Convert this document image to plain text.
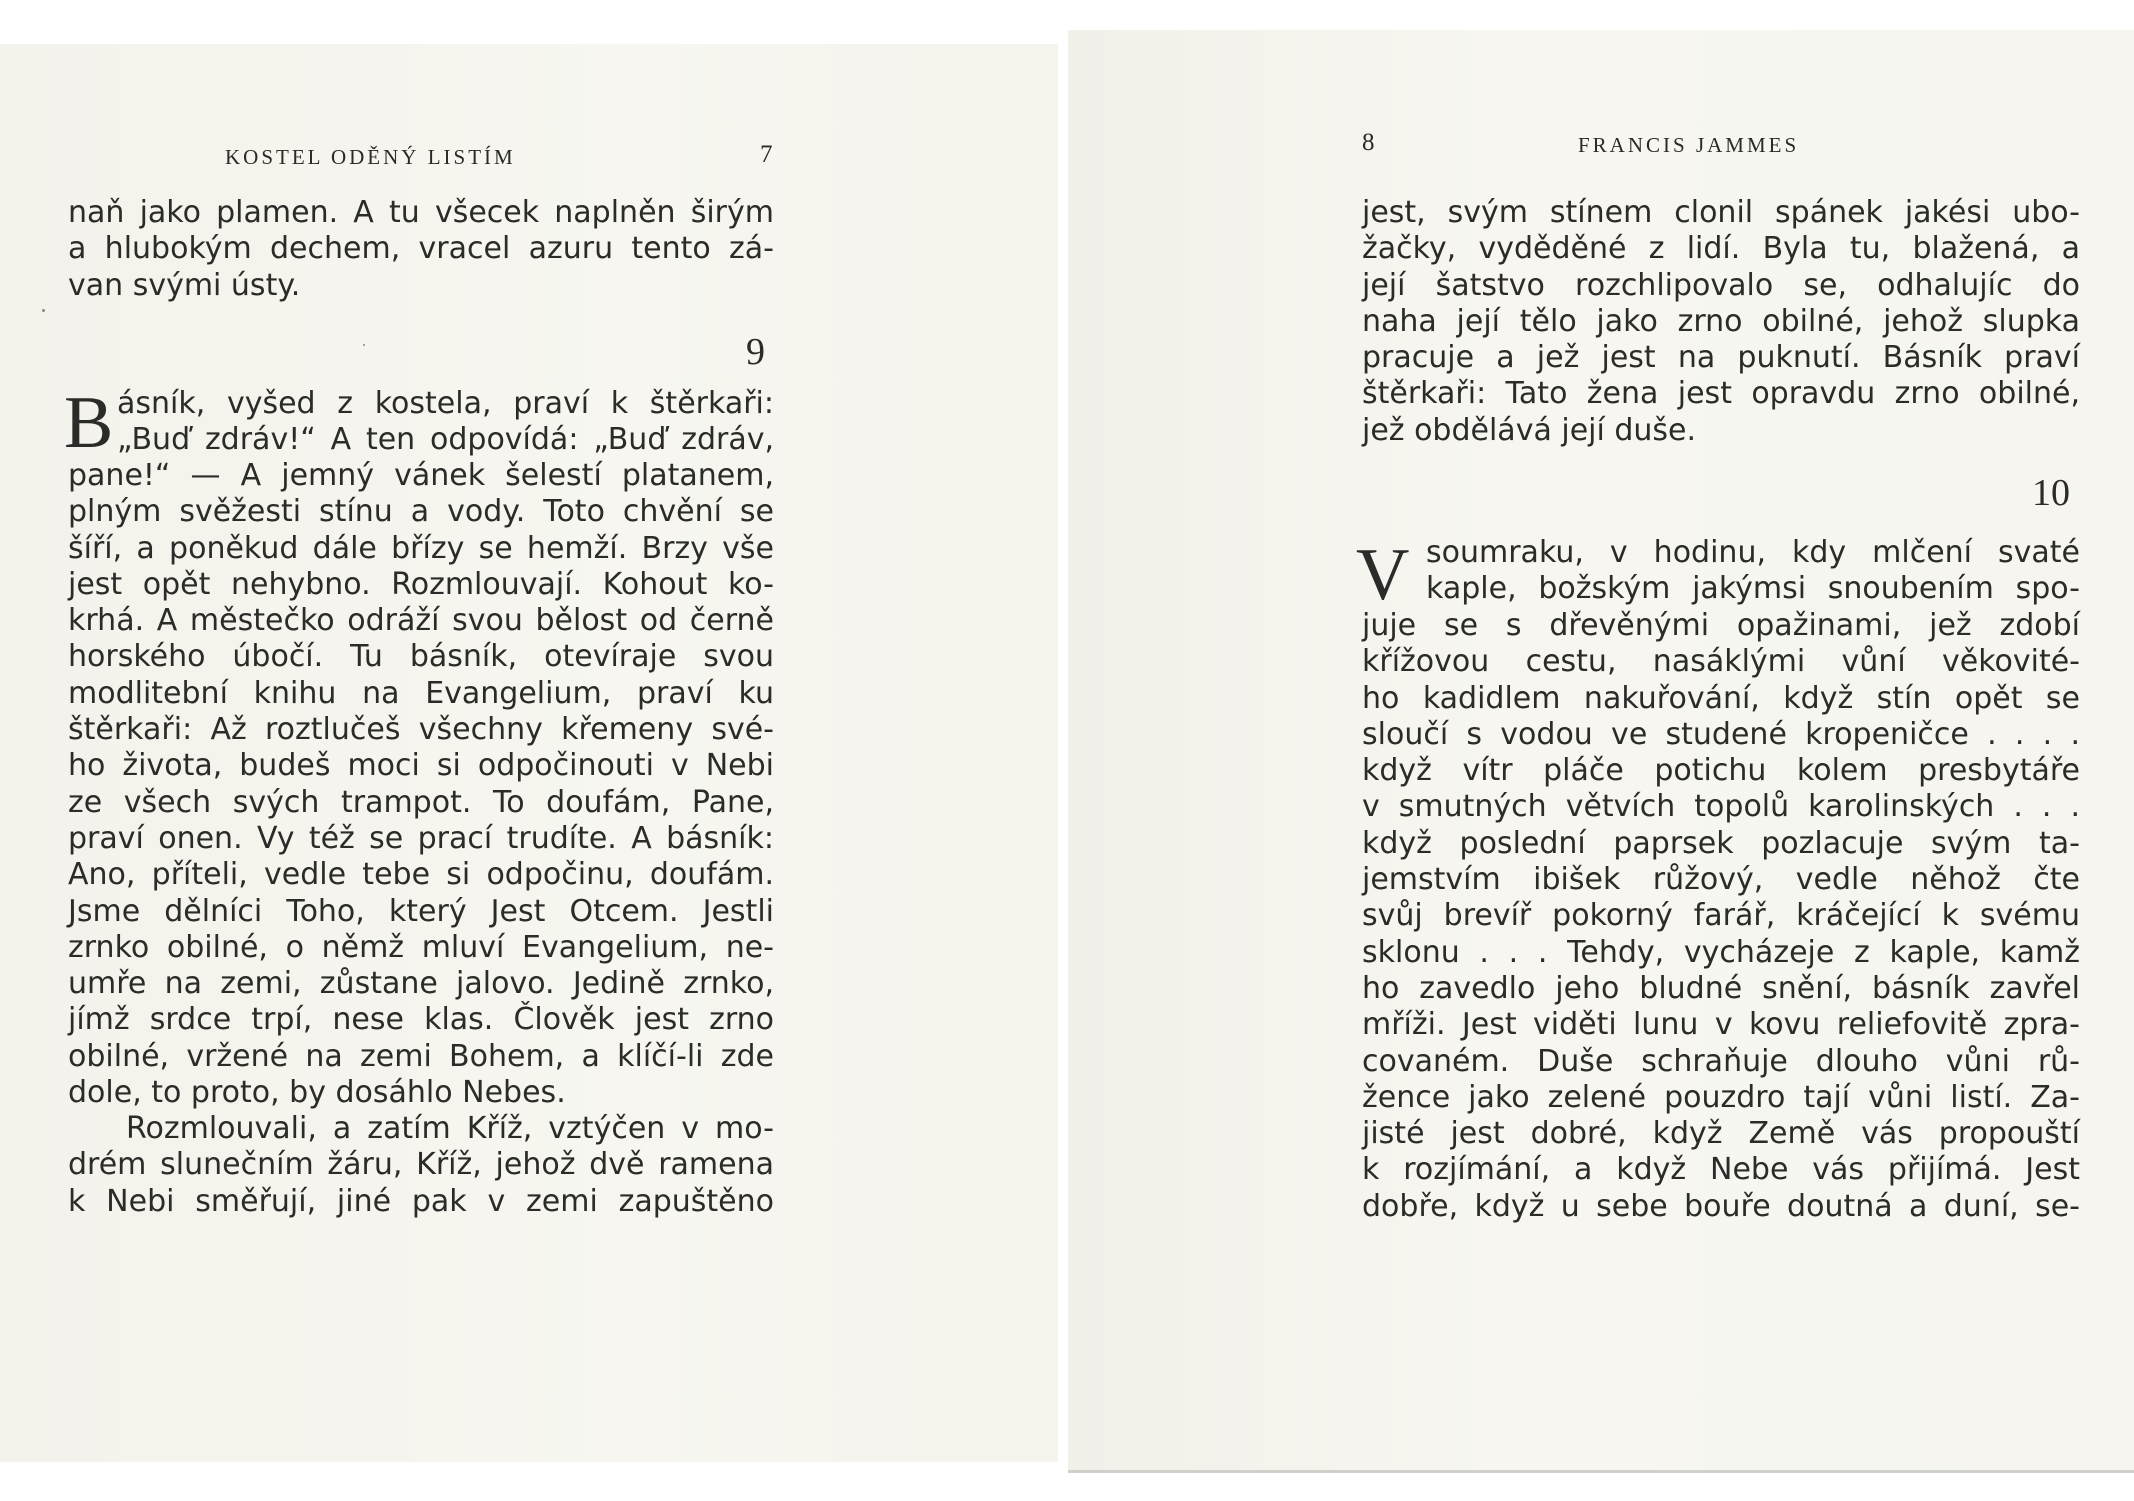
KOSTEL ODĚNÝ LISTÍM	7
naň jako plamen. A tu všecek naplněn širým
a hlubokým dechem, vracel azuru tento zá-
van svými ústy.
9
B ásník, vyšed z kostela, praví k štěrkaři:
„Buď zdráv!“ A ten odpovídá: „Buď zdráv,
pane!“ — A jemný vánek šelestí platanem,
plným svěžesti stínu a vody. Toto chvění se
šíří, a poněkud dále břízy se hemží. Brzy vše
jest opět nehybno. Rozmlouvají. Kohout ko-
krhá. A městečko odráží svou bělost od černě
horského úbočí. Tu básník, otevíraje svou
modlitební knihu na Evangelium, praví ku
štěrkaři: Až roztlučeš všechny křemeny své-
ho života, budeš moci si odpočinouti v Nebi
ze všech svých trampot. To doufám, Pane,
praví onen. Vy též se prací trudíte. A básník:
Ano, příteli, vedle tebe si odpočinu, doufám.
Jsme dělníci Toho, který Jest Otcem. Jestli
zrnko obilné, o němž mluví Evangelium, ne-
umře na zemi, zůstane jalovo. Jedině zrnko,
jímž srdce trpí, nese klas. Člověk jest zrno
obilné, vržené na zemi Bohem, a klíčí-li zde
dole, to proto, by dosáhlo Nebes.
Rozmlouvali, a zatím Kříž, vztýčen v mo-
drém slunečním žáru, Kříž, jehož dvě ramena
k Nebi směřují, jiné pak v zemi zapuštěno
8	FRANCIS JAMMES
jest, svým stínem clonil spánek jakési ubo-
žačky, vyděděné z lidí. Byla tu, blažená, a
její šatstvo rozchlipovalo se, odhalujíc do
naha její tělo jako zrno obilné, jehož slupka
pracuje a jež jest na puknutí. Básník praví
štěrkaři: Tato žena jest opravdu zrno obilné,
jež obdělává její duše.
10
V soumraku, v hodinu, kdy mlčení svaté
kaple, božským jakýmsi snoubením spo-
juje se s dřevěnými opažinami, jež zdobí
křížovou cestu, nasáklými vůní věkovité-
ho kadidlem nakuřování, když stín opět se
sloučí s vodou ve studené kropeničce . . . .
když vítr pláče potichu kolem presbytáře
v smutných větvích topolů karolinských . . .
když poslední paprsek pozlacuje svým ta-
jemstvím ibišek růžový, vedle něhož čte
svůj brevíř pokorný farář, kráčející k svému
sklonu . . . Tehdy, vycházeje z kaple, kamž
ho zavedlo jeho bludné snění, básník zavřel
mříži. Jest viděti lunu v kovu reliefovitě zpra-
covaném. Duše schraňuje dlouho vůni rů-
žence jako zelené pouzdro tají vůni listí. Za-
jisté jest dobré, když Země vás propouští
k rozjímání, a když Nebe vás přijímá. Jest
dobře, když u sebe bouře doutná a duní, se-
